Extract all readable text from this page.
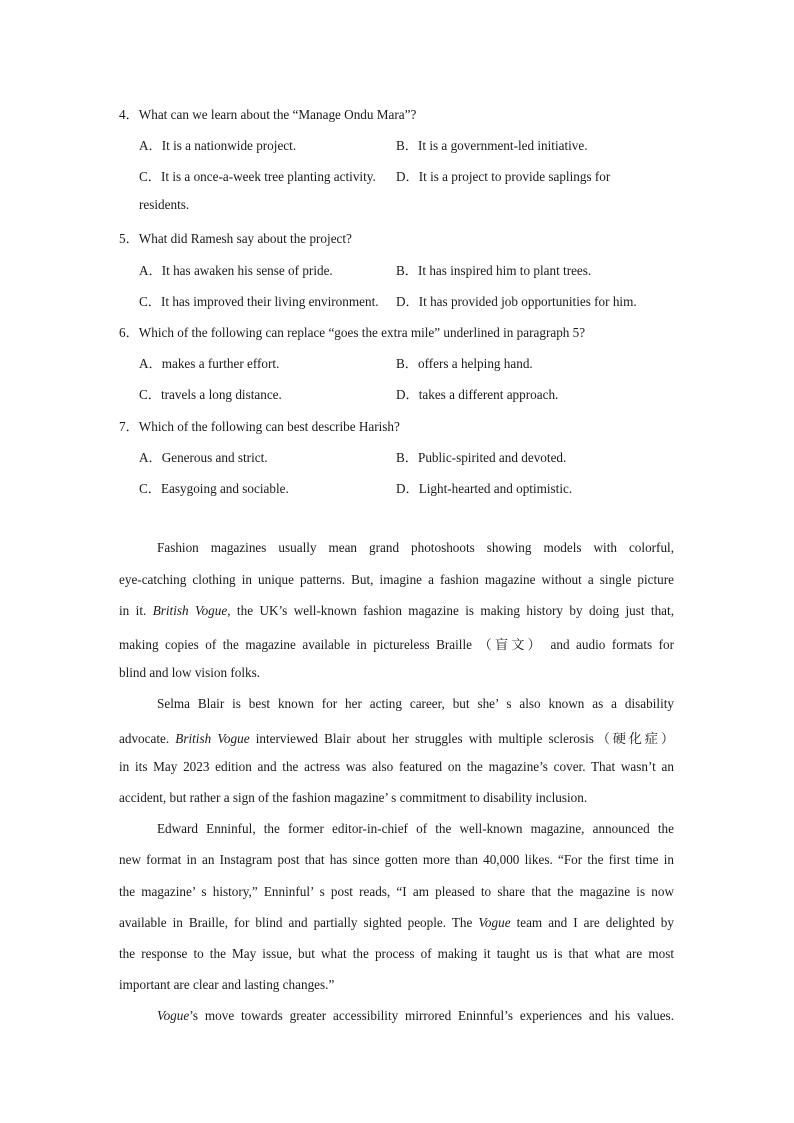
4．What can we learn about the “Manage Ondu Mara”?
A．It is a nationwide project.	B．It is a government-led initiative.
C．It is a once-a-week tree planting activity. D．It is a project to provide saplings for
residents.
5．What did Ramesh say about the project?
A．It has awaken his sense of pride.	B．It has inspired him to plant trees.
C．It has improved their living environment. D．It has provided job opportunities for him.
6．Which of the following can replace “goes the extra mile” underlined in paragraph 5?
A．makes a further effort.	B．offers a helping hand.
C．travels a long distance.	D．takes a different approach.
7．Which of the following can best describe Harish?
A．Generous and strict.	B．Public-spirited and devoted.
C．Easygoing and sociable.	D．Light-hearted and optimistic.
Fashion magazines usually mean grand photoshoots showing models with colorful,
eye-catching clothing in unique patterns. But, imagine a fashion magazine without a single picture
in it. British Vogue, the UK’s well-known fashion magazine is making history by doing just that,
making copies of the magazine available in pictureless Braille （盲文） and audio formats for
blind and low vision folks.
Selma Blair is best known for her acting career, but she’ s also known as a disability
advocate. British Vogue interviewed Blair about her struggles with multiple sclerosis（硬化症）
in its May 2023 edition and the actress was also featured on the magazine’s cover. That wasn’t an
accident, but rather a sign of the fashion magazine’ s commitment to disability inclusion.
Edward Enninful, the former editor-in-chief of the well-known magazine, announced the
new format in an Instagram post that has since gotten more than 40,000 likes. “For the first time in
the magazine’ s history,” Enninful’ s post reads, “I am pleased to share that the magazine is now
available in Braille, for blind and partially sighted people. The Vogue team and I are delighted by
the response to the May issue, but what the process of making it taught us is that what are most
important are clear and lasting changes.”
Vogue’s move towards greater accessibility mirrored Eninnful’s experiences and his values.
